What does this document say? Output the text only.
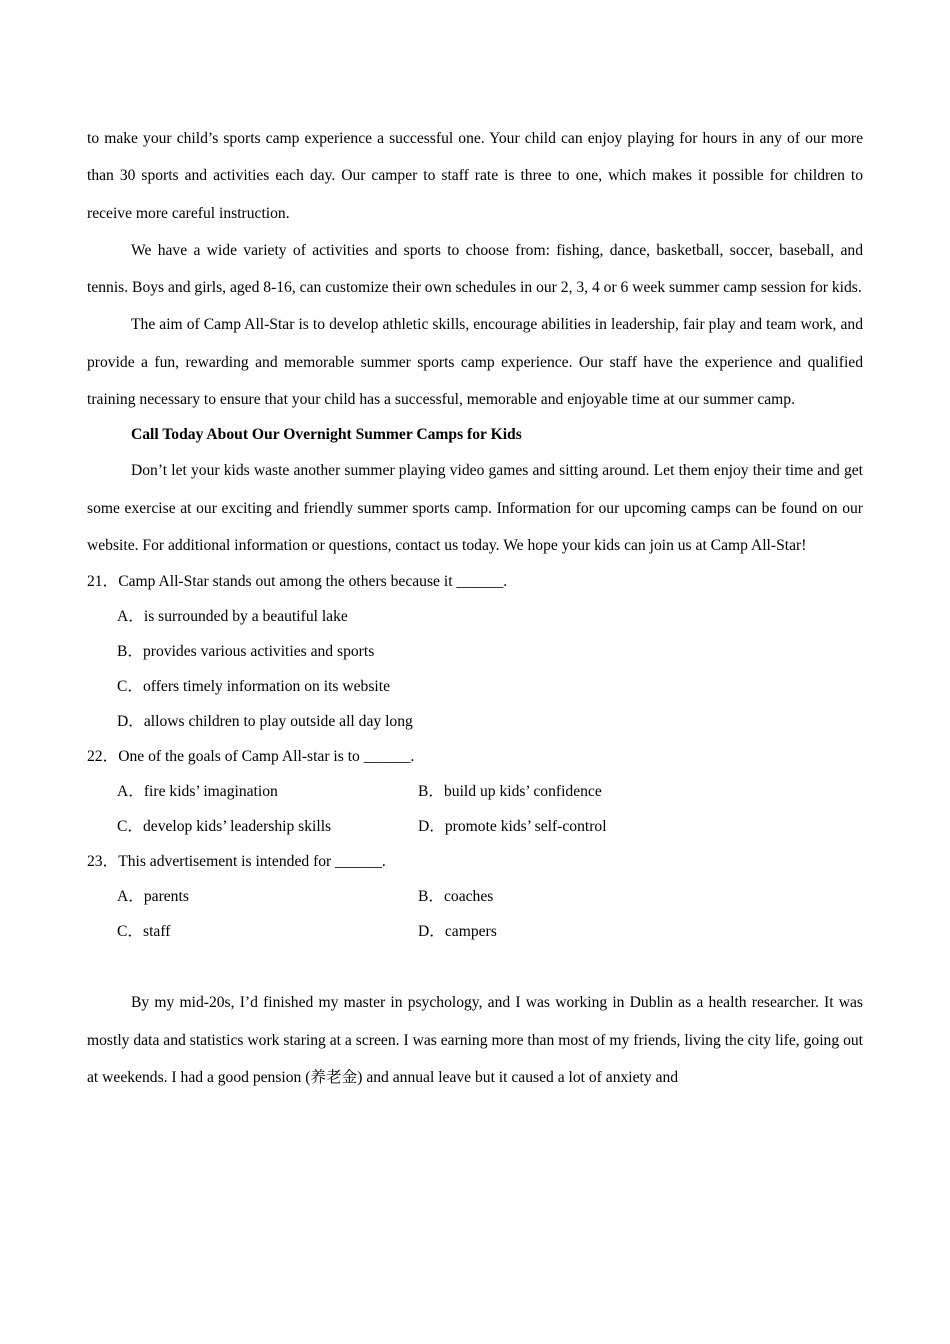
to make your child’s sports camp experience a successful one. Your child can enjoy playing for hours in any of our more than 30 sports and activities each day. Our camper to staff rate is three to one, which makes it possible for children to receive more careful instruction.

We have a wide variety of activities and sports to choose from: fishing, dance, basketball, soccer, baseball, and tennis. Boys and girls, aged 8-16, can customize their own schedules in our 2, 3, 4 or 6 week summer camp session for kids.

The aim of Camp All-Star is to develop athletic skills, encourage abilities in leadership, fair play and team work, and provide a fun, rewarding and memorable summer sports camp experience. Our staff have the experience and qualified training necessary to ensure that your child has a successful, memorable and enjoyable time at our summer camp.

Call Today About Our Overnight Summer Camps for Kids

Don’t let your kids waste another summer playing video games and sitting around. Let them enjoy their time and get some exercise at our exciting and friendly summer sports camp. Information for our upcoming camps can be found on our website. For additional information or questions, contact us today. We hope your kids can join us at Camp All-Star!

21．Camp All-Star stands out among the others because it ______.

A．is surrounded by a beautiful lake

B．provides various activities and sports

C．offers timely information on its website

D．allows children to play outside all day long

22．One of the goals of Camp All-star is to ______.

A．fire kids’ imagination	B．build up kids’ confidence
C．develop kids’ leadership skills	D．promote kids’ self-control

23．This advertisement is intended for ______.

A．parents	B．coaches
C．staff	D．campers

By my mid-20s, I’d finished my master in psychology, and I was working in Dublin as a health researcher. It was mostly data and statistics work staring at a screen. I was earning more than most of my friends, living the city life, going out at weekends. I had a good pension (养老金) and annual leave but it caused a lot of anxiety and
